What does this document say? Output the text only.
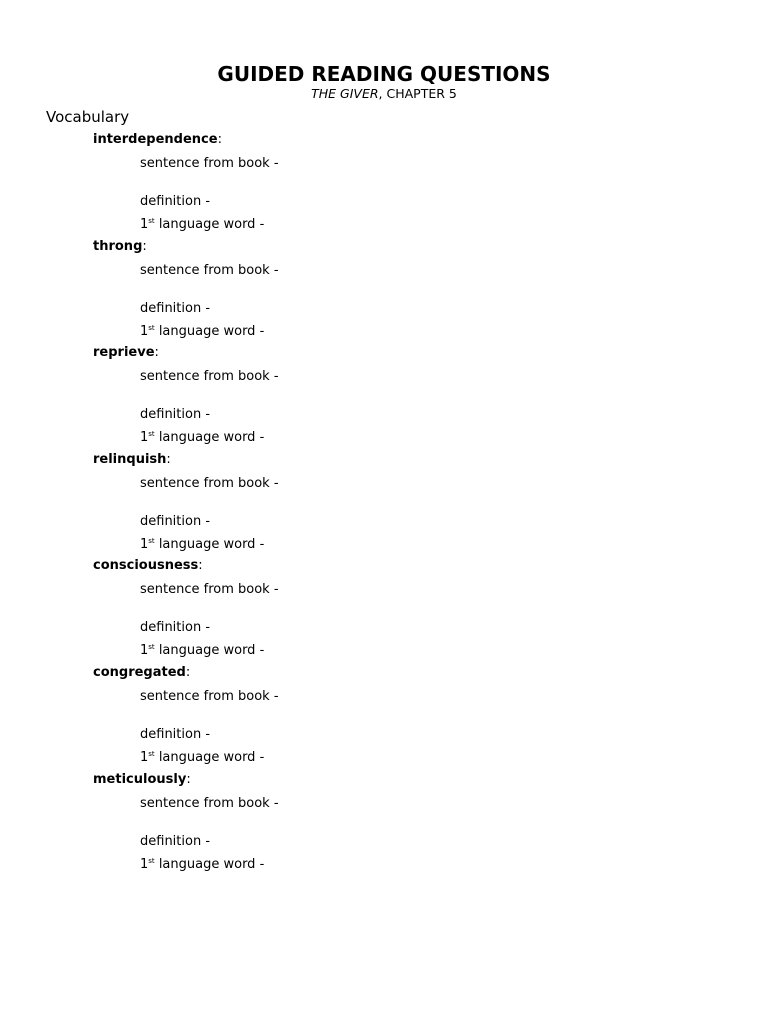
GUIDED READING QUESTIONS
THE GIVER, CHAPTER 5
Vocabulary
interdependence:
sentence from book -
definition -
1st language word -
throng:
sentence from book -
definition -
1st language word -
reprieve:
sentence from book -
definition -
1st language word -
relinquish:
sentence from book -
definition -
1st language word -
consciousness:
sentence from book -
definition -
1st language word -
congregated:
sentence from book -
definition -
1st language word -
meticulously:
sentence from book -
definition -
1st language word -
